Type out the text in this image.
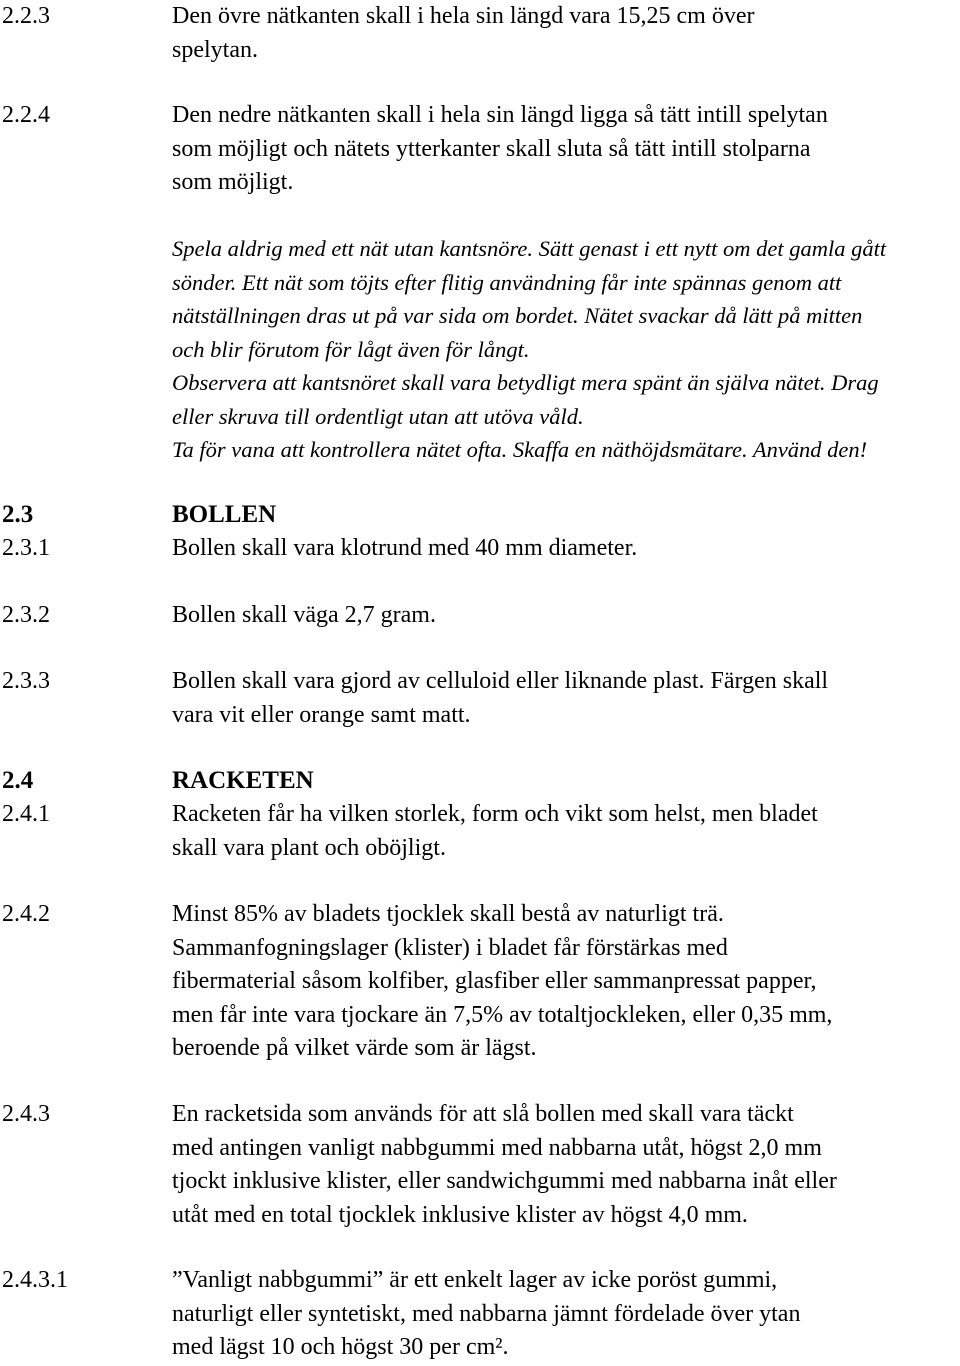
2.2.3	Den övre nätkanten skall i hela sin längd vara 15,25 cm över
spelytan.
2.2.4	Den nedre nätkanten skall i hela sin längd ligga så tätt intill spelytan
som möjligt och nätets ytterkanter skall sluta så tätt intill stolparna
som möjligt.
Spela aldrig med ett nät utan kantsnöre. Sätt genast i ett nytt om det gamla gått
sönder. Ett nät som töjts efter flitig användning får inte spännas genom att
nätställningen dras ut på var sida om bordet. Nätet svackar då lätt på mitten
och blir förutom för lågt även för långt.
Observera att kantsnöret skall vara betydligt mera spänt än själva nätet. Drag
eller skruva till ordentligt utan att utöva våld.
Ta för vana att kontrollera nätet ofta. Skaffa en näthöjdsmätare. Använd den!
2.3	BOLLEN
2.3.1	Bollen skall vara klotrund med 40 mm diameter.
2.3.2	Bollen skall väga 2,7 gram.
2.3.3	Bollen skall vara gjord av celluloid eller liknande plast. Färgen skall
vara vit eller orange samt matt.
2.4	RACKETEN
2.4.1	Racketen får ha vilken storlek, form och vikt som helst, men bladet
skall vara plant och oböjligt.
2.4.2	Minst 85% av bladets tjocklek skall bestå av naturligt trä.
Sammanfogningslager (klister) i bladet får förstärkas med
fibermaterial såsom kolfiber, glasfiber eller sammanpressat papper,
men får inte vara tjockare än 7,5% av totaltjockleken, eller 0,35 mm,
beroende på vilket värde som är lägst.
2.4.3	En racketsida som används för att slå bollen med skall vara täckt
med antingen vanligt nabbgummi med nabbarna utåt, högst 2,0 mm
tjockt inklusive klister, eller sandwichgummi med nabbarna inåt eller
utåt med en total tjocklek inklusive klister av högst 4,0 mm.
2.4.3.1	”Vanligt nabbgummi” är ett enkelt lager av icke poröst gummi,
naturligt eller syntetiskt, med nabbarna jämnt fördelade över ytan
med lägst 10 och högst 30 per cm².
